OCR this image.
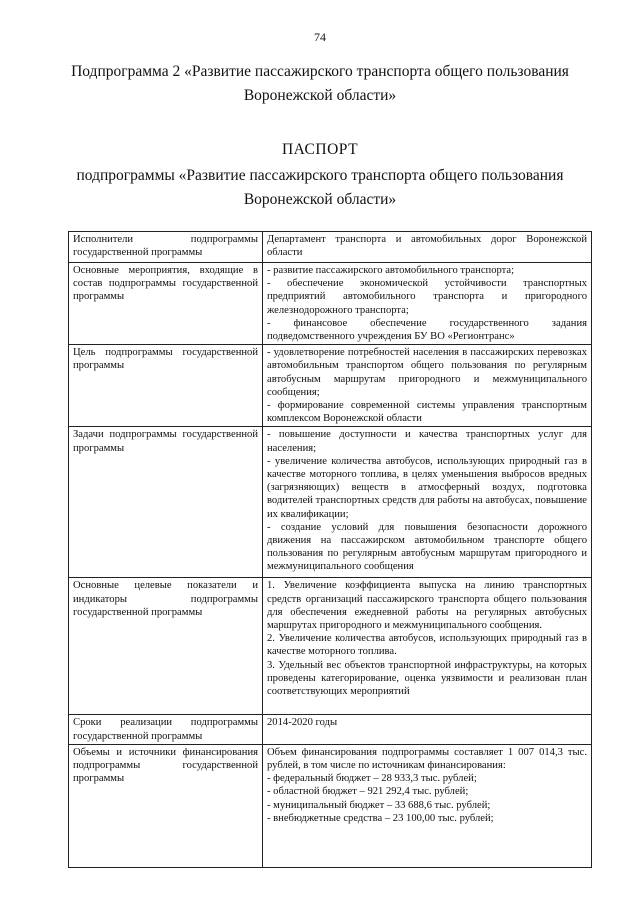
74
Подпрограмма 2 «Развитие пассажирского транспорта общего пользования
Воронежской области»
ПАСПОРТ
подпрограммы «Развитие пассажирского транспорта общего пользования
Воронежской области»
Исполнители подпрограммы государственной программы	Департамент транспорта и автомобильных дорог Воронежской области

Основные мероприятия, входящие в состав подпрограммы государственной программы	- развитие пассажирского автомобильного транспорта;
- обеспечение экономической устойчивости транспортных предприятий автомобильного транспорта и пригородного железнодорожного транспорта;
- финансовое обеспечение государственного задания подведомственного учреждения БУ ВО «Регионтранс»

Цель подпрограммы государственной программы	- удовлетворение потребностей населения в пассажирских перевозках автомобильным транспортом общего пользования по регулярным автобусным маршрутам пригородного и межмуниципального сообщения;
- формирование современной системы управления транспортным комплексом Воронежской области

Задачи подпрограммы государственной программы	- повышение доступности и качества транспортных услуг для населения;
- увеличение количества автобусов, использующих природный газ в качестве моторного топлива, в целях уменьшения выбросов вредных (загрязняющих) веществ в атмосферный воздух, подготовка водителей транспортных средств для работы на автобусах, повышение их квалификации;
- создание условий для повышения безопасности дорожного движения на пассажирском автомобильном транспорте общего пользования по регулярным автобусным маршрутам пригородного и межмуниципального сообщения

Основные целевые показатели и индикаторы подпрограммы государственной программы	1. Увеличение коэффициента выпуска на линию транспортных средств организаций пассажирского транспорта общего пользования для обеспечения ежедневной работы на регулярных автобусных маршрутах пригородного и межмуниципального сообщения.
2. Увеличение количества автобусов, использующих природный газ в качестве моторного топлива.
3. Удельный вес объектов транспортной инфраструктуры, на которых проведены категорирование, оценка уязвимости и реализован план соответствующих мероприятий

Сроки реализации подпрограммы государственной программы	2014-2020 годы

Объемы и источники финансирования подпрограммы государственной программы	Объем финансирования подпрограммы составляет 1 007 014,3 тыс. рублей, в том числе по источникам финансирования:
- федеральный бюджет – 28 933,3 тыс. рублей;
- областной бюджет – 921 292,4 тыс. рублей;
- муниципальный бюджет – 33 688,6 тыс. рублей;
- внебюджетные средства – 23 100,00 тыс. рублей;
